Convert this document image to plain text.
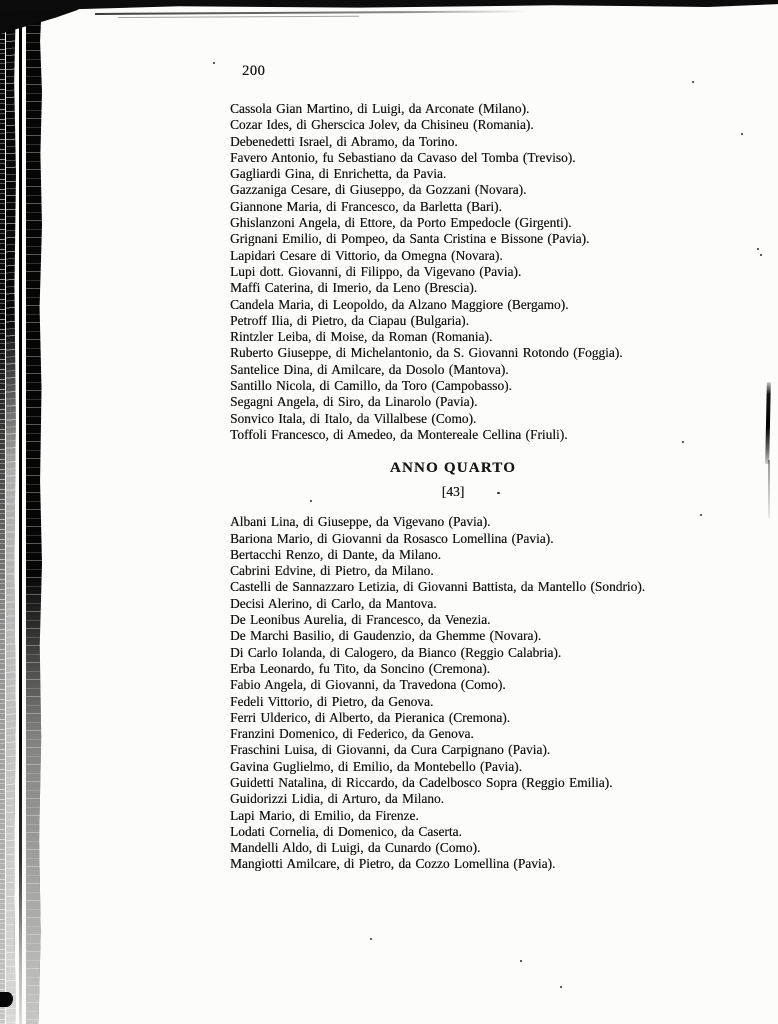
200

Cassola Gian Martino, di Luigi, da Arconate (Milano).

Cozar Ides, di Gherscica Jolev, da Chisineu (Romania).

Debenedetti Israel, di Abramo, da Torino.

Favero Antonio, fu Sebastiano da Cavaso del Tomba (Treviso).

Gagliardi Gina, di Enrichetta, da Pavia.

Gazzaniga Cesare, di Giuseppo, da Gozzani (Novara).

Giannone Maria, di Francesco, da Barletta (Bari).

Ghislanzoni Angela, di Ettore, da Porto Empedocle (Girgenti).

Grignani Emilio, di Pompeo, da Santa Cristina e Bissone (Pavia).

Lapidari Cesare di Vittorio, da Omegna (Novara).

Lupi dott. Giovanni, di Filippo, da Vigevano (Pavia).

Maffi Caterina, di Imerio, da Leno (Brescia).

Candela Maria, di Leopoldo, da Alzano Maggiore (Bergamo).

Petroff Ilia, di Pietro, da Ciapau (Bulgaria).

Rintzler Leiba, di Moise, da Roman (Romania).

Ruberto Giuseppe, di Michelantonio, da S. Giovanni Rotondo (Foggia).

Santelice Dina, di Amilcare, da Dosolo (Mantova).

Santillo Nicola, di Camillo, da Toro (Campobasso).

Segagni Angela, di Siro, da Linarolo (Pavia).

Sonvico Itala, di Italo, da Villalbese (Como).

Toffoli Francesco, di Amedeo, da Montereale Cellina (Friuli).

ANNO QUARTO
[43]

Albani Lina, di Giuseppe, da Vigevano (Pavia).

Bariona Mario, di Giovanni da Rosasco Lomellina (Pavia).

Bertacchi Renzo, di Dante, da Milano.

Cabrini Edvine, di Pietro, da Milano.

Castelli de Sannazzaro Letizia, di Giovanni Battista, da Mantello (Sondrio).

Decisi Alerino, di Carlo, da Mantova.

De Leonibus Aurelia, di Francesco, da Venezia.

De Marchi Basilio, di Gaudenzio, da Ghemme (Novara).

Di Carlo Iolanda, di Calogero, da Bianco (Reggio Calabria).

Erba Leonardo, fu Tito, da Soncino (Cremona).

Fabio Angela, di Giovanni, da Travedona (Como).

Fedeli Vittorio, di Pietro, da Genova.

Ferri Ulderico, di Alberto, da Pieranica (Cremona).

Franzini Domenico, di Federico, da Genova.

Fraschini Luisa, di Giovanni, da Cura Carpignano (Pavia).

Gavina Guglielmo, di Emilio, da Montebello (Pavia).

Guidetti Natalina, di Riccardo, da Cadelbosco Sopra (Reggio Emilia).

Guidorizzi Lidia, di Arturo, da Milano.

Lapi Mario, di Emilio, da Firenze.

Lodati Cornelia, di Domenico, da Caserta.

Mandelli Aldo, di Luigi, da Cunardo (Como).

Mangiotti Amilcare, di Pietro, da Cozzo Lomellina (Pavia).
